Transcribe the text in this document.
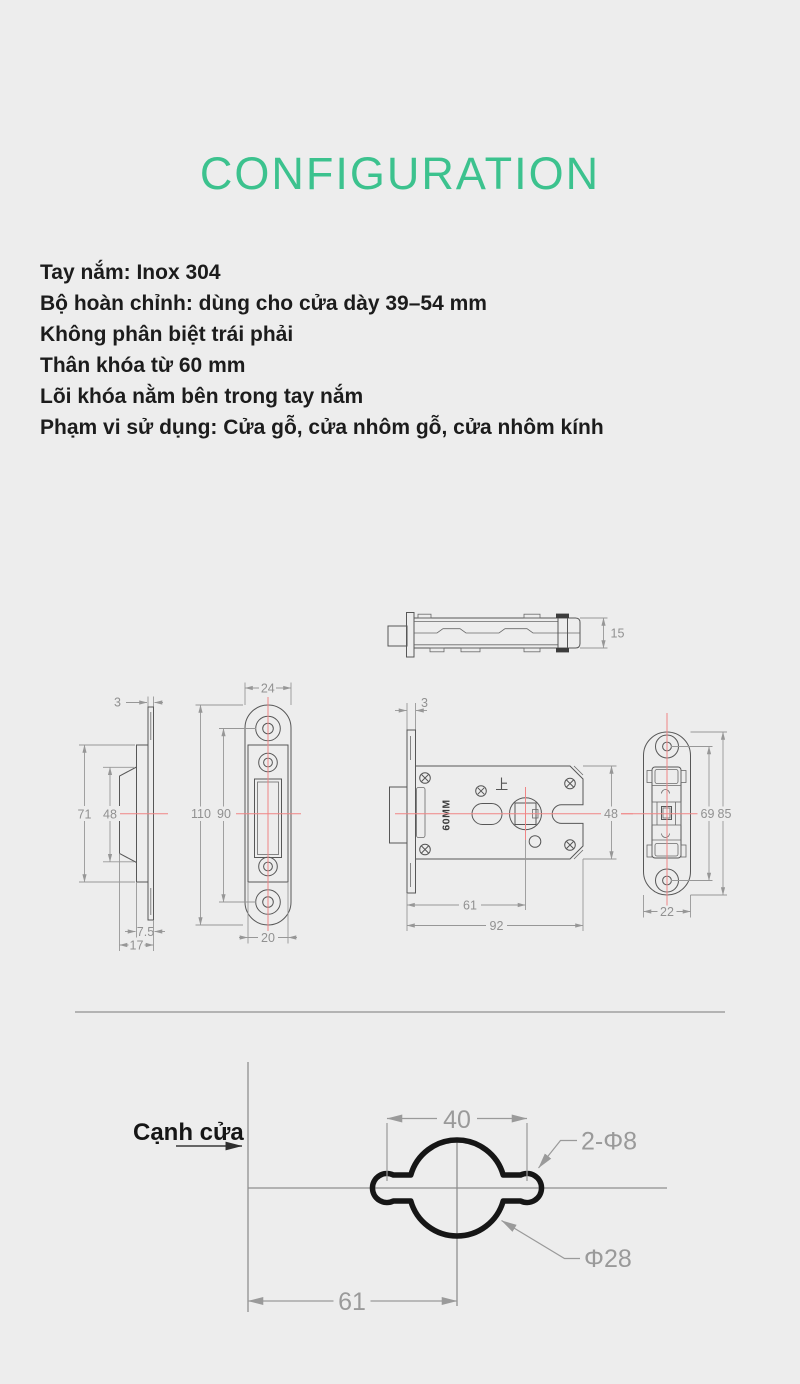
CONFIGURATION

Tay nắm: Inox 304

Bộ hoàn chỉnh: dùng cho cửa dày 39–54 mm

Không phân biệt trái phải

Thân khóa từ 60 mm

Lõi khóa nằm bên trong tay nắm

Phạm vi sử dụng: Cửa gỗ, cửa nhôm gỗ, cửa nhôm kính

15
3
71 48
7.5
17
24
110 90
20
3
60MM
61
92
48	69 85
22
Cạnh cửa	40
2-Φ8
Φ28
61
